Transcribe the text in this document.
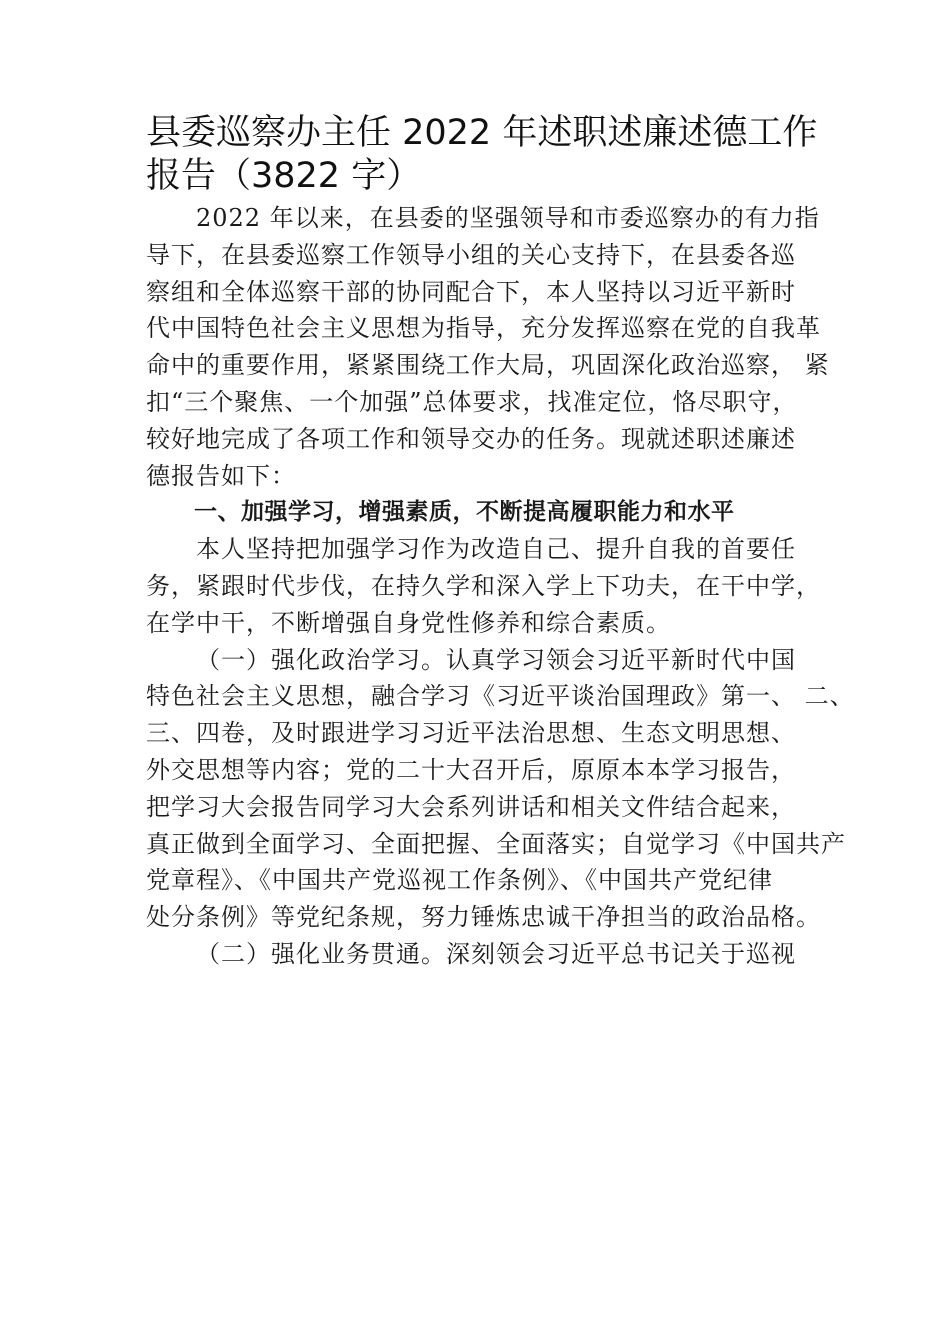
县委巡察办主任 2022 年述职述廉述德工作
报告（3822 字）
2022 年以来，在县委的坚强领导和市委巡察办的有力指
导下，在县委巡察工作领导小组的关心支持下，在县委各巡
察组和全体巡察干部的协同配合下，本人坚持以习近平新时
代中国特色社会主义思想为指导，充分发挥巡察在党的自我革
命中的重要作用，紧紧围绕工作大局，巩固深化政治巡察， 紧
扣“三个聚焦、一个加强”总体要求，找准定位，恪尽职守，
较好地完成了各项工作和领导交办的任务。现就述职述廉述
德报告如下：
一、加强学习，增强素质，不断提高履职能力和水平
本人坚持把加强学习作为改造自己、提升自我的首要任
务，紧跟时代步伐，在持久学和深入学上下功夫，在干中学，
在学中干，不断增强自身党性修养和综合素质。
（一）强化政治学习。认真学习领会习近平新时代中国
特色社会主义思想，融合学习《习近平谈治国理政》第一、 二、
三、四卷，及时跟进学习习近平法治思想、生态文明思想、
外交思想等内容；党的二十大召开后，原原本本学习报告，
把学习大会报告同学习大会系列讲话和相关文件结合起来，
真正做到全面学习、全面把握、全面落实；自觉学习《中国共产
党章程》、《中国共产党巡视工作条例》、《中国共产党纪律
处分条例》等党纪条规，努力锤炼忠诚干净担当的政治品格。
（二）强化业务贯通。深刻领会习近平总书记关于巡视
